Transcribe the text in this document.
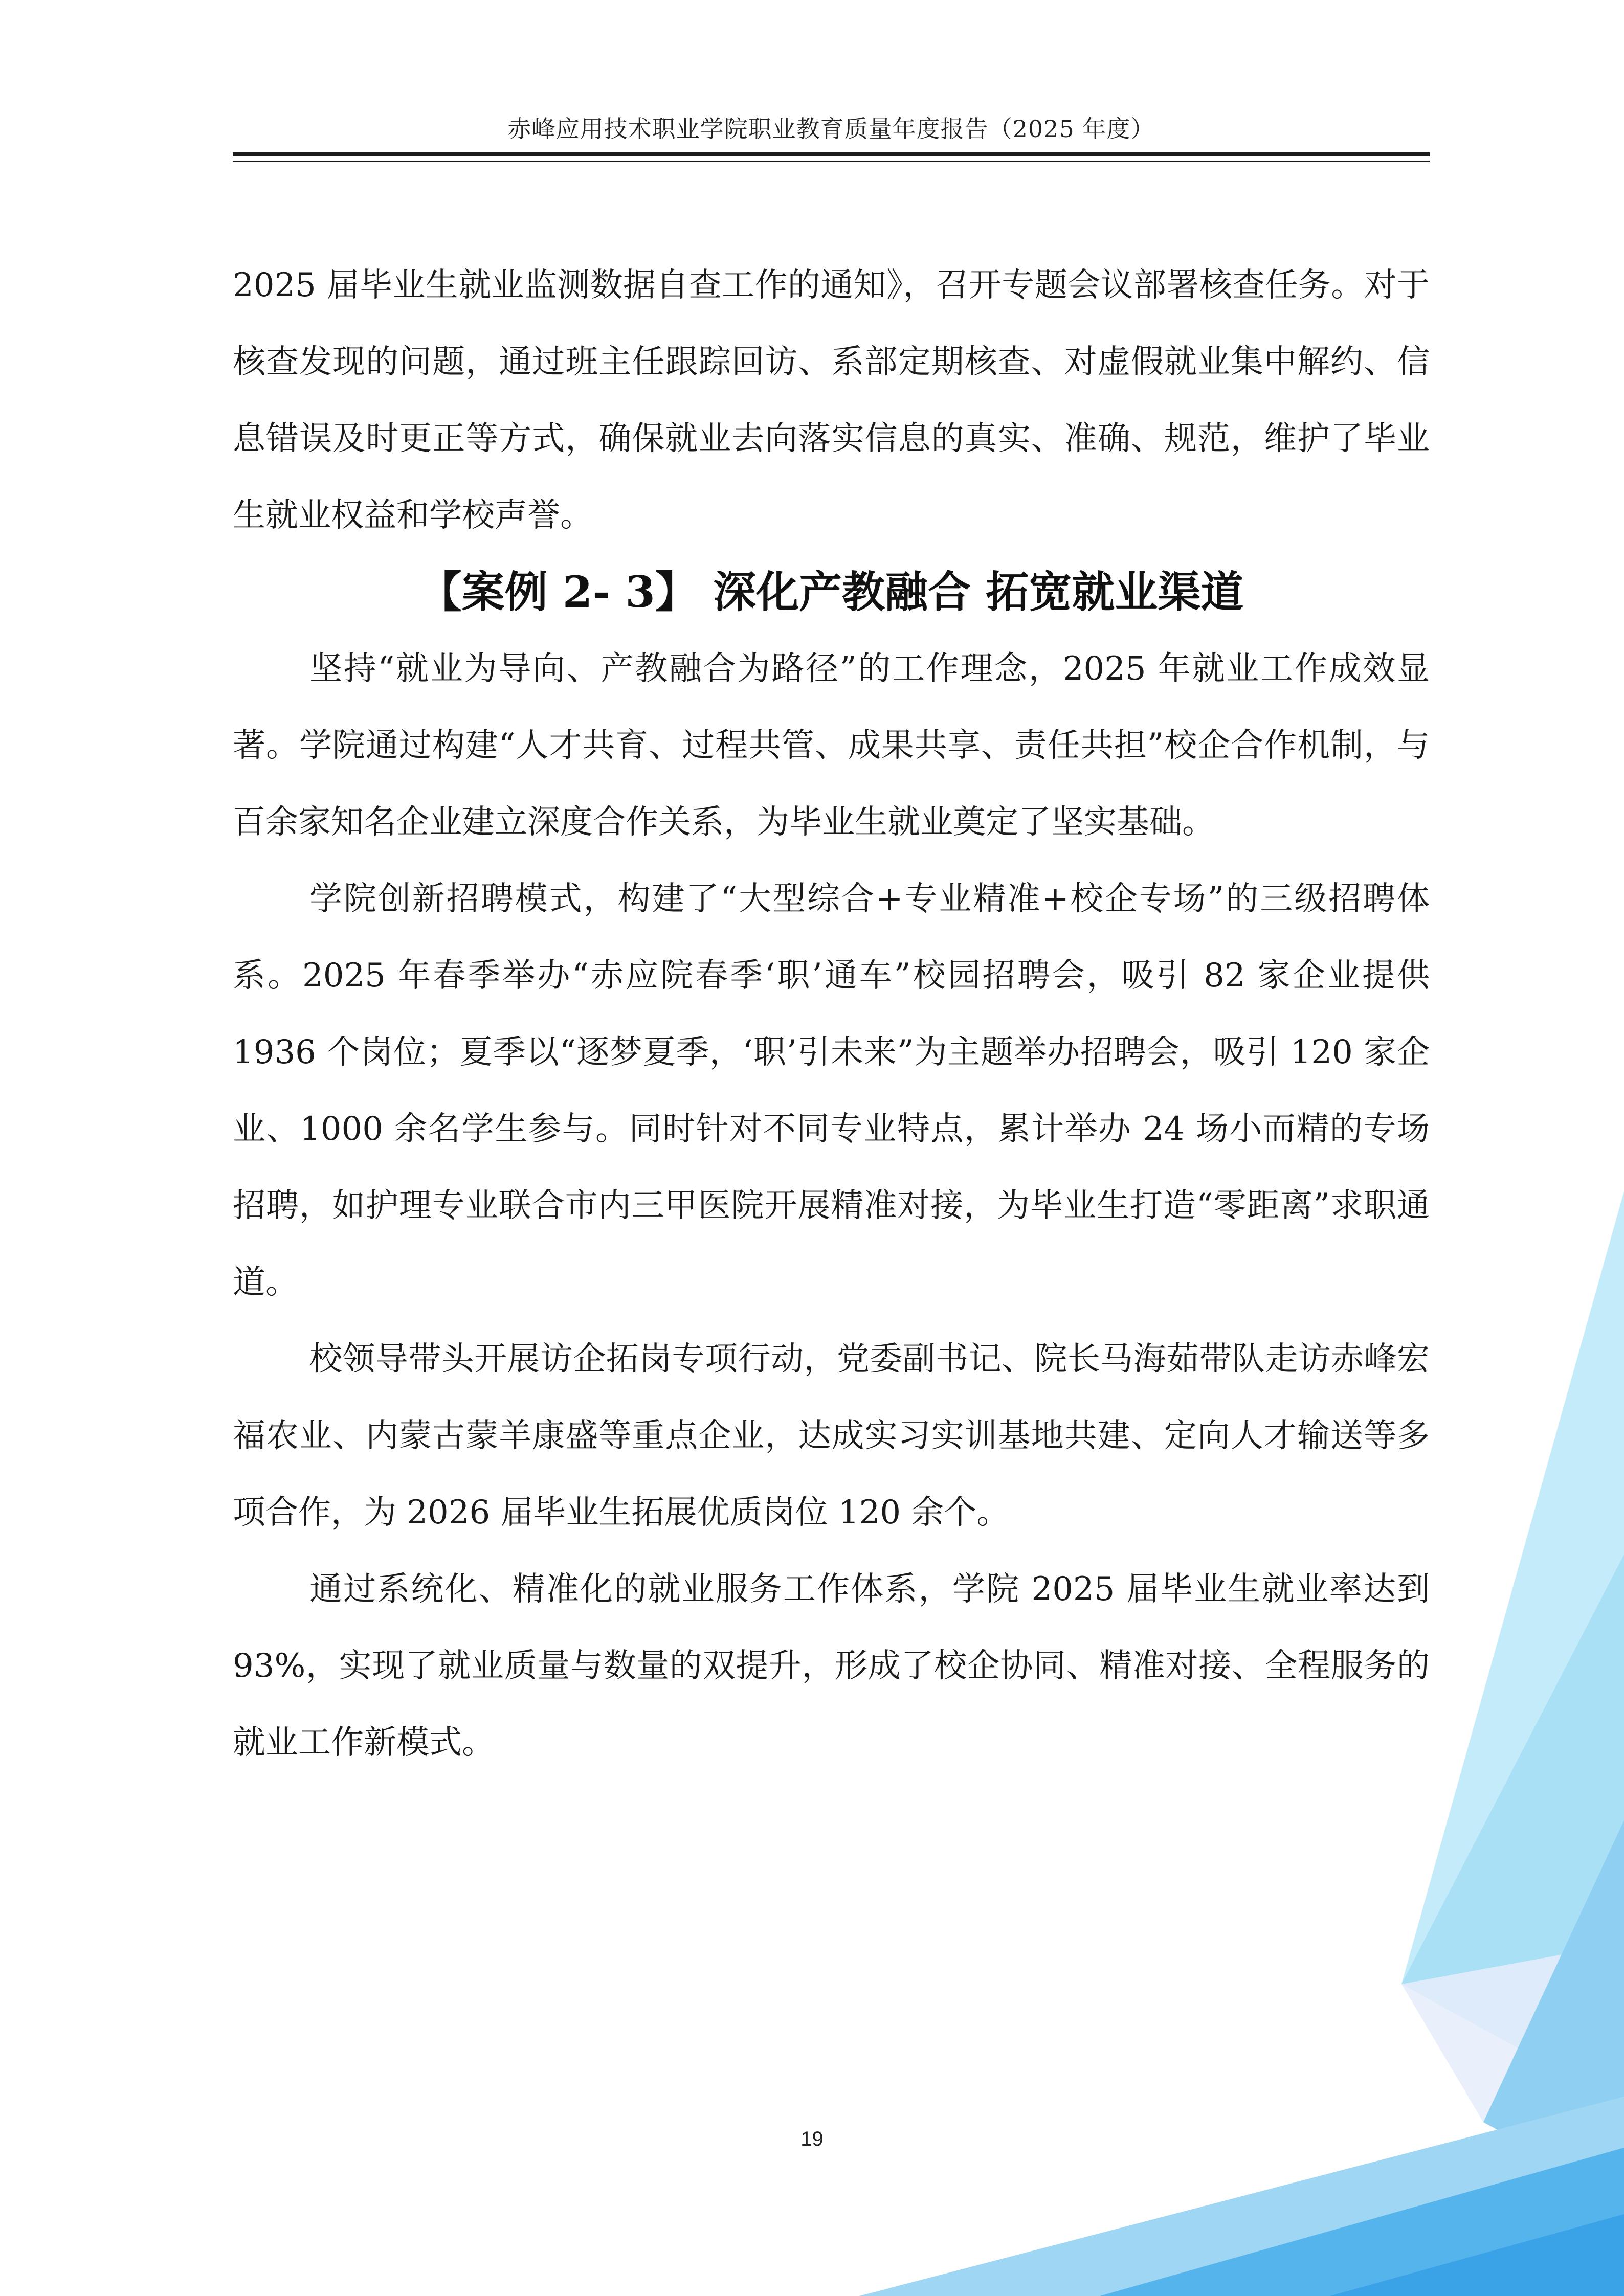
赤峰应用技术职业学院职业教育质量年度报告（2025 年度）

2025 届毕业生就业监测数据自查工作的通知》，召开专题会议部署核查任务。对于核查发现的问题，通过班主任跟踪回访、系部定期核查、对虚假就业集中解约、信息错误及时更正等方式，确保就业去向落实信息的真实、准确、规范，维护了毕业生就业权益和学校声誉。

【案例 2- 3】 深化产教融合 拓宽就业渠道

坚持“就业为导向、产教融合为路径”的工作理念，2025 年就业工作成效显著。学院通过构建“人才共育、过程共管、成果共享、责任共担”校企合作机制，与百余家知名企业建立深度合作关系，为毕业生就业奠定了坚实基础。

学院创新招聘模式，构建了“大型综合+专业精准+校企专场”的三级招聘体系。2025 年春季举办“赤应院春季‘职’通车”校园招聘会，吸引 82 家企业提供 1936 个岗位；夏季以“逐梦夏季，‘职’引未来”为主题举办招聘会，吸引 120 家企业、1000 余名学生参与。同时针对不同专业特点，累计举办 24 场小而精的专场招聘，如护理专业联合市内三甲医院开展精准对接，为毕业生打造“零距离”求职通道。

校领导带头开展访企拓岗专项行动，党委副书记、院长马海茹带队走访赤峰宏福农业、内蒙古蒙羊康盛等重点企业，达成实习实训基地共建、定向人才输送等多项合作，为 2026 届毕业生拓展优质岗位 120 余个。

通过系统化、精准化的就业服务工作体系，学院 2025 届毕业生就业率达到 93%，实现了就业质量与数量的双提升，形成了校企协同、精准对接、全程服务的就业工作新模式。

19
